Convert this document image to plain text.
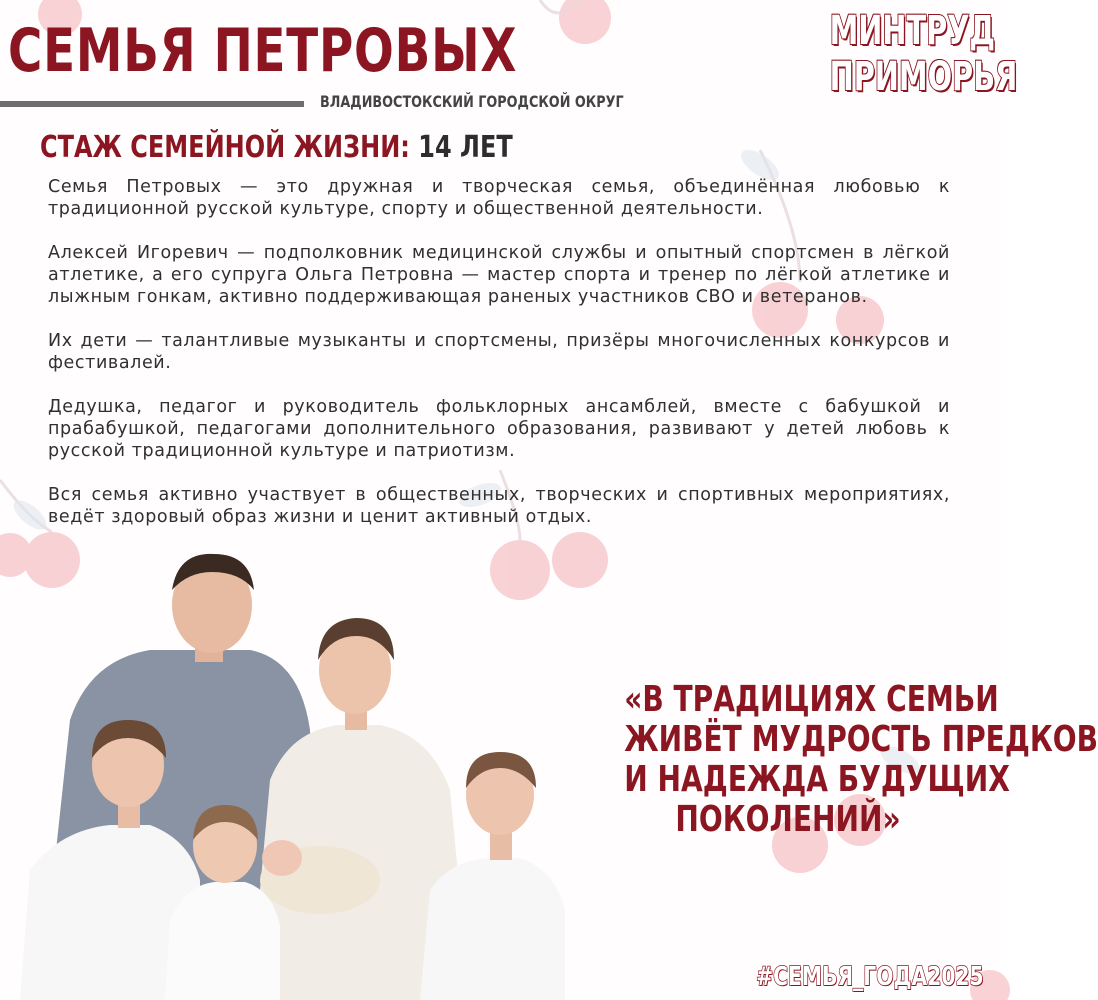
СЕМЬЯ ПЕТРОВЫХ
ВЛАДИВОСТОКСКИЙ ГОРОДСКОЙ ОКРУГ
МИНТРУД
ПРИМОРЬЯ
СТАЖ СЕМЕЙНОЙ ЖИЗНИ: 14 ЛЕТ

Семья Петровых — это дружная и творческая семья, объединённая любовью к традиционной русской культуре, спорту и общественной деятельности.

Алексей Игоревич — подполковник медицинской службы и опытный спортсмен в лёгкой атлетике, а его супруга Ольга Петровна — мастер спорта и тренер по лёгкой атлетике и лыжным гонкам, активно поддерживающая раненых участников СВО и ветеранов.

Их дети — талантливые музыканты и спортсмены, призёры многочисленных конкурсов и фестивалей.

Дедушка, педагог и руководитель фольклорных ансамблей, вместе с бабушкой и прабабушкой, педагогами дополнительного образования, развивают у детей любовь к русской традиционной культуре и патриотизм.

Вся семья активно участвует в общественных, творческих и спортивных мероприятиях, ведёт здоровый образ жизни и ценит активный отдых.

«В ТРАДИЦИЯХ СЕМЬИ
ЖИВЁТ МУДРОСТЬ ПРЕДКОВ
И НАДЕЖДА БУДУЩИХ
ПОКОЛЕНИЙ»
#СЕМЬЯ_ГОДА2025
